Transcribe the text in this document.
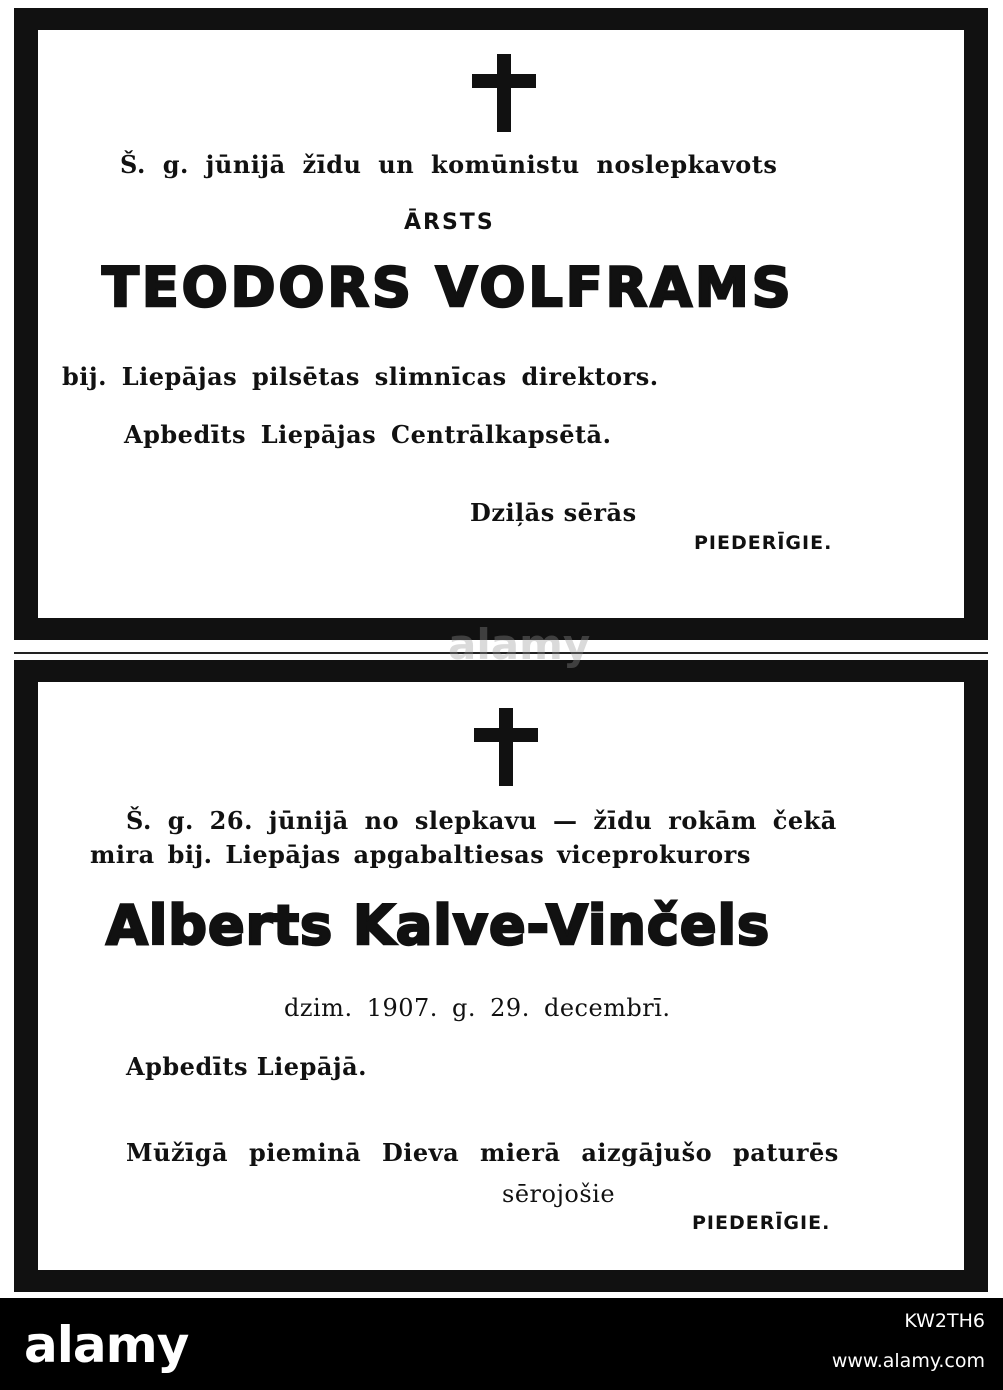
Š. g. jūnijā žīdu un komūnistu noslepkavots

ĀRSTS

TEODORS VOLFRAMS

bij. Liepājas pilsētas slimnīcas direktors.

Apbedīts Liepājas Centrālkapsētā.

Dziļās sērās

PIEDERĪGIE.

Š. g. 26. jūnijā no slepkavu — žīdu rokām čekā

mira bij. Liepājas apgabaltiesas viceprokurors

Alberts Kalve-Vinčels

dzim. 1907. g. 29. decembrī.

Apbedīts Liepājā.

Mūžīgā pieminā Dieva mierā aizgājušo paturēs

sērojošie

PIEDERĪGIE.

alamy
alamy	KW2TH6
www.alamy.com
